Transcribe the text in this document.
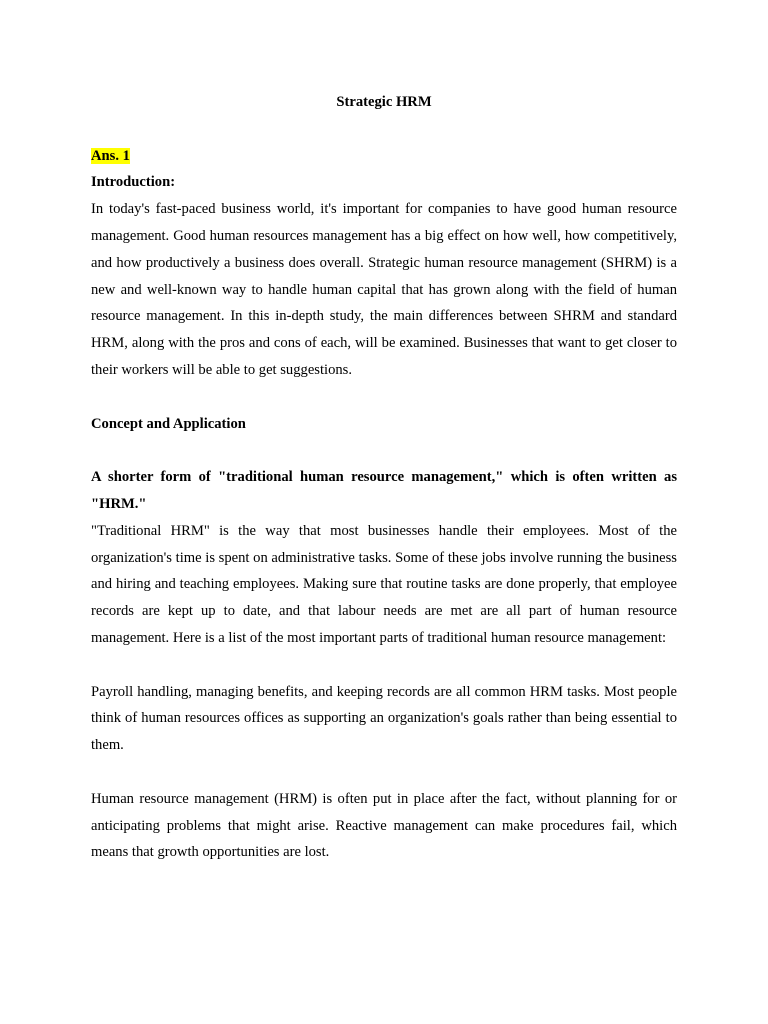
Strategic HRM

Ans. 1

Introduction:

In today's fast-paced business world, it's important for companies to have good human resource management. Good human resources management has a big effect on how well, how competitively, and how productively a business does overall. Strategic human resource management (SHRM) is a new and well-known way to handle human capital that has grown along with the field of human resource management. In this in-depth study, the main differences between SHRM and standard HRM, along with the pros and cons of each, will be examined. Businesses that want to get closer to their workers will be able to get suggestions.

Concept and Application

A shorter form of "traditional human resource management," which is often written as "HRM."

"Traditional HRM" is the way that most businesses handle their employees. Most of the organization's time is spent on administrative tasks. Some of these jobs involve running the business and hiring and teaching employees. Making sure that routine tasks are done properly, that employee records are kept up to date, and that labour needs are met are all part of human resource management. Here is a list of the most important parts of traditional human resource management:

Payroll handling, managing benefits, and keeping records are all common HRM tasks. Most people think of human resources offices as supporting an organization's goals rather than being essential to them.

Human resource management (HRM) is often put in place after the fact, without planning for or anticipating problems that might arise. Reactive management can make procedures fail, which means that growth opportunities are lost.
